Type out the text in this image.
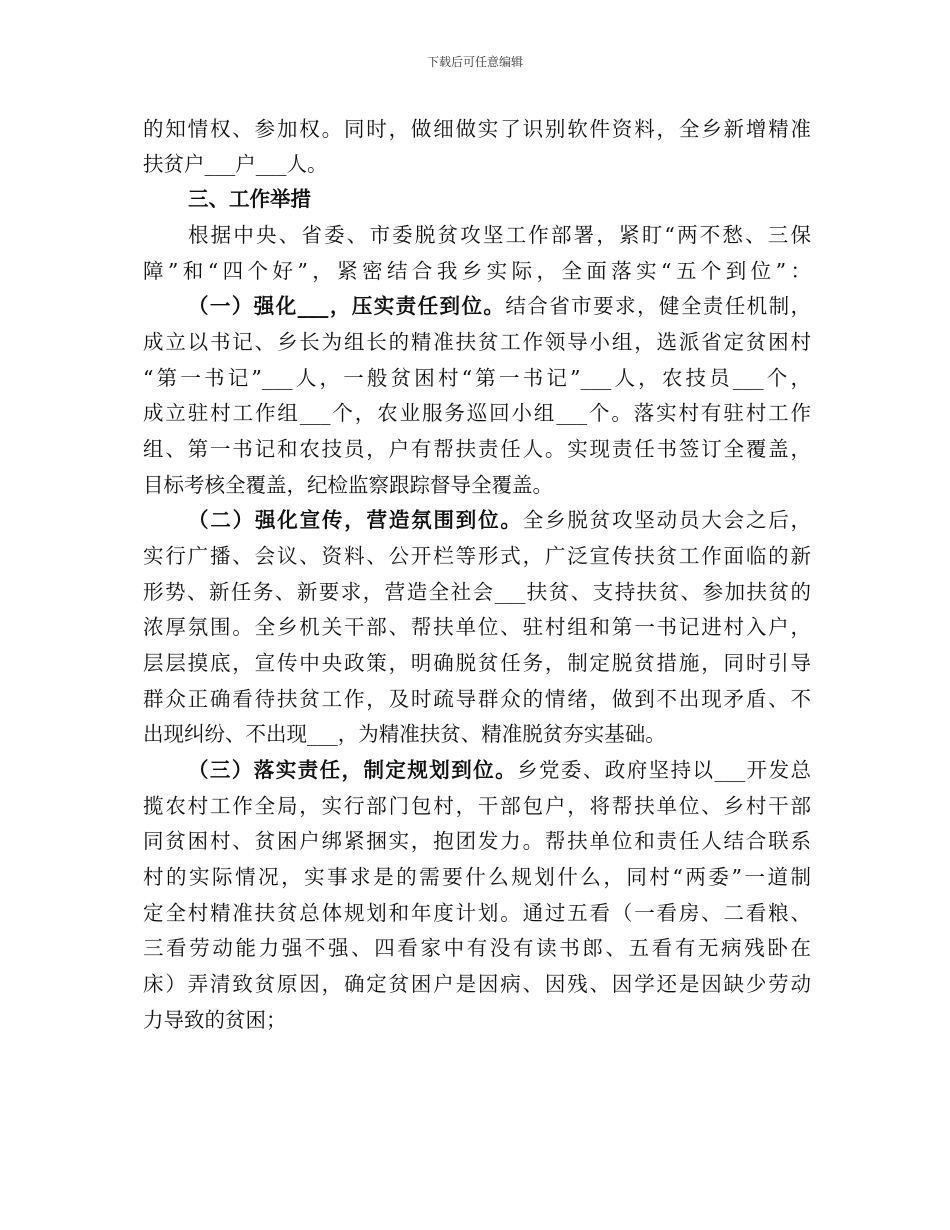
下载后可任意编辑
的知情权、参加权。同时，做细做实了识别软件资料，全乡新增精准
扶贫户___户___人。
三、工作举措
根据中央、省委、市委脱贫攻坚工作部署，紧盯“两不愁、三保
障”和“四个好”，紧密结合我乡实际，全面落实“五个到位”：
（一）强化___，压实责任到位。结合省市要求，健全责任机制，
成立以书记、乡长为组长的精准扶贫工作领导小组，选派省定贫困村
“第一书记”___人，一般贫困村“第一书记”___人，农技员___个，
成立驻村工作组___个，农业服务巡回小组___个。落实村有驻村工作
组、第一书记和农技员，户有帮扶责任人。实现责任书签订全覆盖，
目标考核全覆盖，纪检监察跟踪督导全覆盖。
（二）强化宣传，营造氛围到位。全乡脱贫攻坚动员大会之后，
实行广播、会议、资料、公开栏等形式，广泛宣传扶贫工作面临的新
形势、新任务、新要求，营造全社会___扶贫、支持扶贫、参加扶贫的
浓厚氛围。全乡机关干部、帮扶单位、驻村组和第一书记进村入户，
层层摸底，宣传中央政策，明确脱贫任务，制定脱贫措施，同时引导
群众正确看待扶贫工作，及时疏导群众的情绪，做到不出现矛盾、不
出现纠纷、不出现___，为精准扶贫、精准脱贫夯实基础。
（三）落实责任，制定规划到位。乡党委、政府坚持以___开发总
揽农村工作全局，实行部门包村，干部包户，将帮扶单位、乡村干部
同贫困村、贫困户绑紧捆实，抱团发力。帮扶单位和责任人结合联系
村的实际情况，实事求是的需要什么规划什么，同村“两委”一道制
定全村精准扶贫总体规划和年度计划。通过五看（一看房、二看粮、
三看劳动能力强不强、四看家中有没有读书郎、五看有无病残卧在
床）弄清致贫原因，确定贫困户是因病、因残、因学还是因缺少劳动
力导致的贫困；
